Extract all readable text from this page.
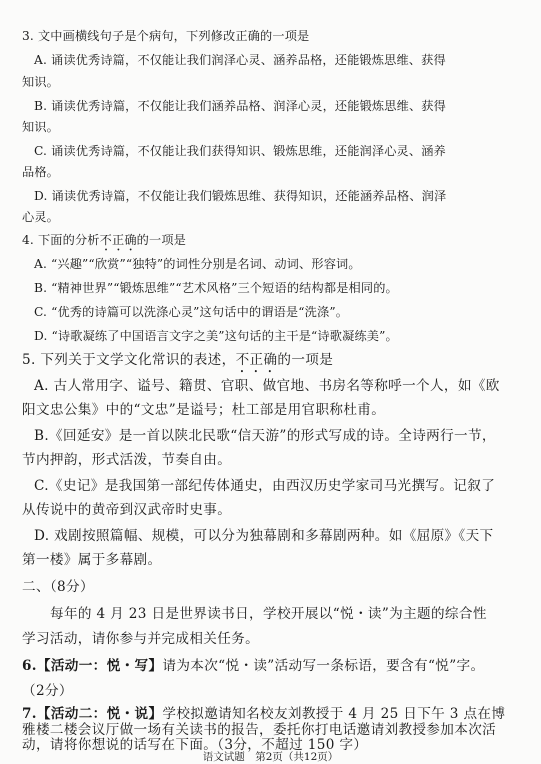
3. 文中画横线句子是个病句，下列修改正确的一项是
A. 诵读优秀诗篇，不仅能让我们润泽心灵、涵养品格，还能锻炼思维、获得
知识。
B. 诵读优秀诗篇，不仅能让我们涵养品格、润泽心灵，还能锻炼思维、获得
知识。
C. 诵读优秀诗篇，不仅能让我们获得知识、锻炼思维，还能润泽心灵、涵养
品格。
D. 诵读优秀诗篇，不仅能让我们锻炼思维、获得知识，还能涵养品格、润泽
心灵。
4. 下面的分析不正确的一项是
A. “兴趣”“欣赏”“独特”的词性分别是名词、动词、形容词。
B. “精神世界”“锻炼思维”“艺术风格”三个短语的结构都是相同的。
C. “优秀的诗篇可以洗涤心灵”这句话中的谓语是“洗涤”。
D. “诗歌凝练了中国语言文字之美”这句话的主干是“诗歌凝练美”。
5. 下列关于文学文化常识的表述，不正确的一项是
A. 古人常用字、谥号、籍贯、官职、做官地、书房名等称呼一个人，如《欧
阳文忠公集》中的“文忠”是谥号；杜工部是用官职称杜甫。
B.《回延安》是一首以陕北民歌“信天游”的形式写成的诗。全诗两行一节，
节内押韵，形式活泼，节奏自由。
C.《史记》是我国第一部纪传体通史，由西汉历史学家司马光撰写。记叙了
从传说中的黄帝到汉武帝时史事。
D. 戏剧按照篇幅、规模，可以分为独幕剧和多幕剧两种。如《屈原》《天下
第一楼》属于多幕剧。
二、（8分）
每年的 4 月 23 日是世界读书日，学校开展以“悦・读”为主题的综合性
学习活动，请你参与并完成相关任务。
6.【活动一：悦・写】请为本次“悦・读”活动写一条标语，要含有“悦”字。
（2分）
7.【活动二：悦・说】学校拟邀请知名校友刘教授于 4 月 25 日下午 3 点在博
雅楼二楼会议厅做一场有关读书的报告，委托你打电话邀请刘教授参加本次活
动，请将你想说的话写在下面。（3分，不超过 150 字）
语文试题　第2页（共12页）
